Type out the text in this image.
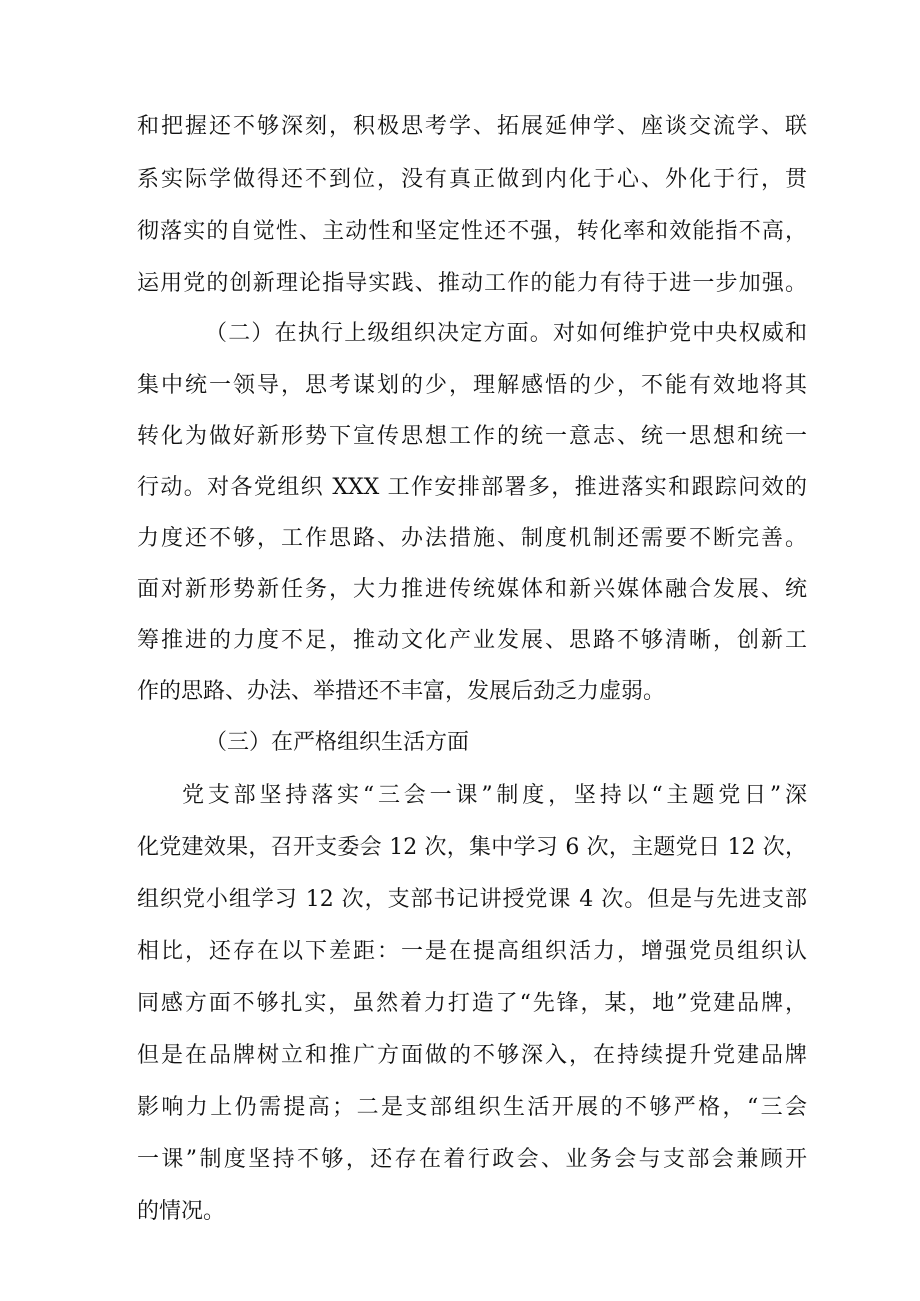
和把握还不够深刻，积极思考学、拓展延伸学、座谈交流学、联
系实际学做得还不到位，没有真正做到内化于心、外化于行，贯
彻落实的自觉性、主动性和坚定性还不强，转化率和效能指不高，
运用党的创新理论指导实践、推动工作的能力有待于进一步加强。
（二）在执行上级组织决定方面。对如何维护党中央权威和
集中统一领导，思考谋划的少，理解感悟的少，不能有效地将其
转化为做好新形势下宣传思想工作的统一意志、统一思想和统一
行动。对各党组织 XXX 工作安排部署多，推进落实和跟踪问效的
力度还不够，工作思路、办法措施、制度机制还需要不断完善。
面对新形势新任务，大力推进传统媒体和新兴媒体融合发展、统
筹推进的力度不足，推动文化产业发展、思路不够清晰，创新工
作的思路、办法、举措还不丰富，发展后劲乏力虚弱。
（三）在严格组织生活方面
党支部坚持落实“三会一课”制度，坚持以“主题党日”深
化党建效果，召开支委会 12 次，集中学习 6 次，主题党日 12 次，
组织党小组学习 12 次，支部书记讲授党课 4 次。但是与先进支部
相比，还存在以下差距：一是在提高组织活力，增强党员组织认
同感方面不够扎实，虽然着力打造了“先锋，某，地”党建品牌，
但是在品牌树立和推广方面做的不够深入，在持续提升党建品牌
影响力上仍需提高；二是支部组织生活开展的不够严格，“三会
一课”制度坚持不够，还存在着行政会、业务会与支部会兼顾开
的情况。
